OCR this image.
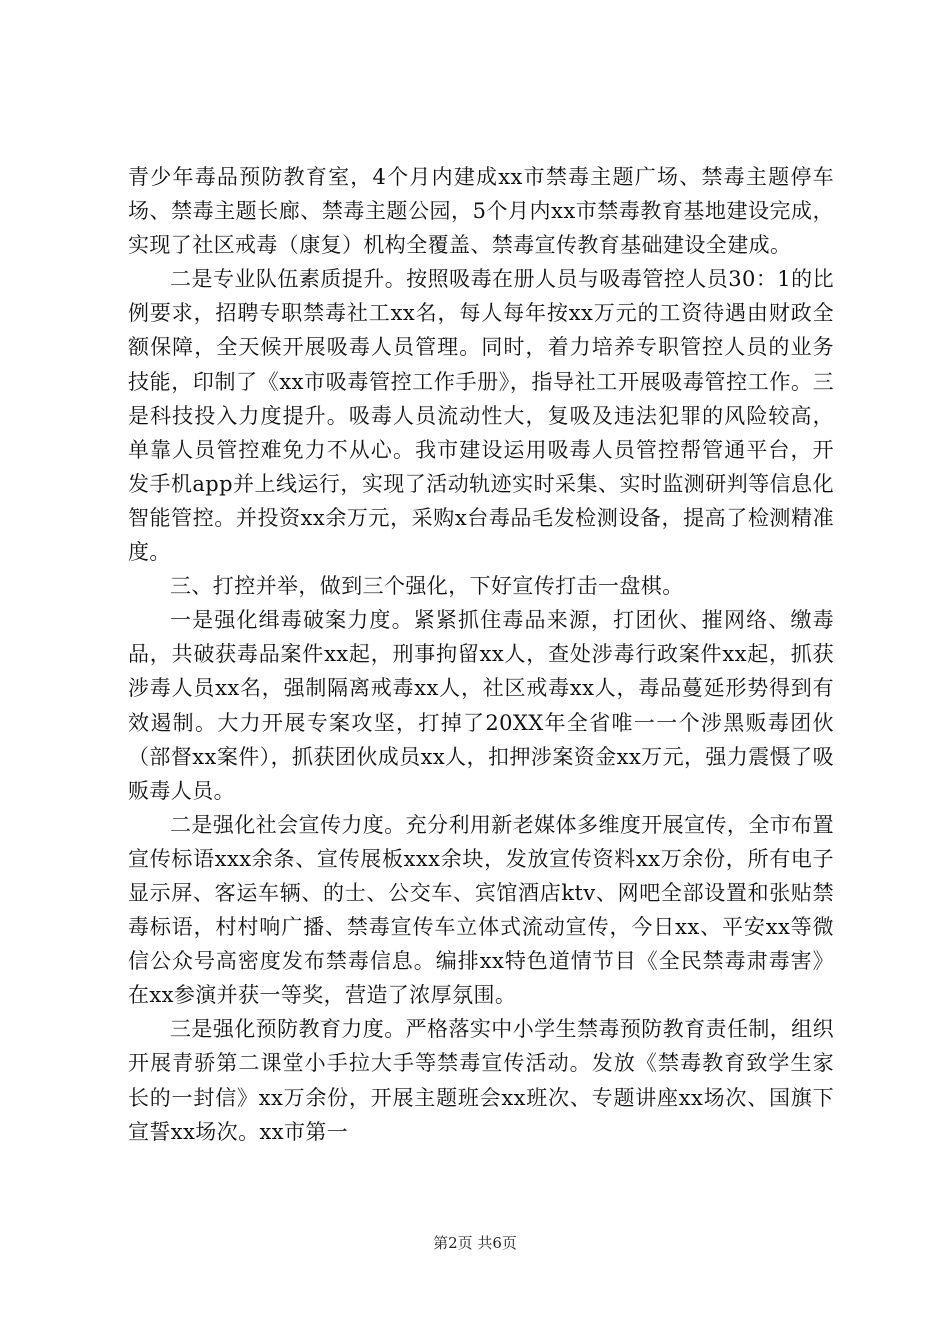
青少年毒品预防教育室，4个月内建成xx市禁毒主题广场、禁毒主题停车场、禁毒主题长廊、禁毒主题公园，5个月内xx市禁毒教育基地建设完成，实现了社区戒毒（康复）机构全覆盖、禁毒宣传教育基础建设全建成。

二是专业队伍素质提升。按照吸毒在册人员与吸毒管控人员30：1的比例要求，招聘专职禁毒社工xx名，每人每年按xx万元的工资待遇由财政全额保障，全天候开展吸毒人员管理。同时，着力培养专职管控人员的业务技能，印制了《xx市吸毒管控工作手册》，指导社工开展吸毒管控工作。三是科技投入力度提升。吸毒人员流动性大，复吸及违法犯罪的风险较高，单靠人员管控难免力不从心。我市建设运用吸毒人员管控帮管通平台，开发手机app并上线运行，实现了活动轨迹实时采集、实时监测研判等信息化智能管控。并投资xx余万元，采购x台毒品毛发检测设备，提高了检测精准度。

三、打控并举，做到三个强化，下好宣传打击一盘棋。

一是强化缉毒破案力度。紧紧抓住毒品来源，打团伙、摧网络、缴毒品，共破获毒品案件xx起，刑事拘留xx人，查处涉毒行政案件xx起，抓获涉毒人员xx名，强制隔离戒毒xx人，社区戒毒xx人，毒品蔓延形势得到有效遏制。大力开展专案攻坚，打掉了20XX年全省唯一一个涉黑贩毒团伙（部督xx案件），抓获团伙成员xx人，扣押涉案资金xx万元，强力震慑了吸贩毒人员。

二是强化社会宣传力度。充分利用新老媒体多维度开展宣传，全市布置宣传标语xxx余条、宣传展板xxx余块，发放宣传资料xx万余份，所有电子显示屏、客运车辆、的士、公交车、宾馆酒店ktv、网吧全部设置和张贴禁毒标语，村村响广播、禁毒宣传车立体式流动宣传，今日xx、平安xx等微信公众号高密度发布禁毒信息。编排xx特色道情节目《全民禁毒肃毒害》在xx参演并获一等奖，营造了浓厚氛围。

三是强化预防教育力度。严格落实中小学生禁毒预防教育责任制，组织开展青骄第二课堂小手拉大手等禁毒宣传活动。发放《禁毒教育致学生家长的一封信》xx万余份，开展主题班会xx班次、专题讲座xx场次、国旗下宣誓xx场次。xx市第一

第2页 共6页
